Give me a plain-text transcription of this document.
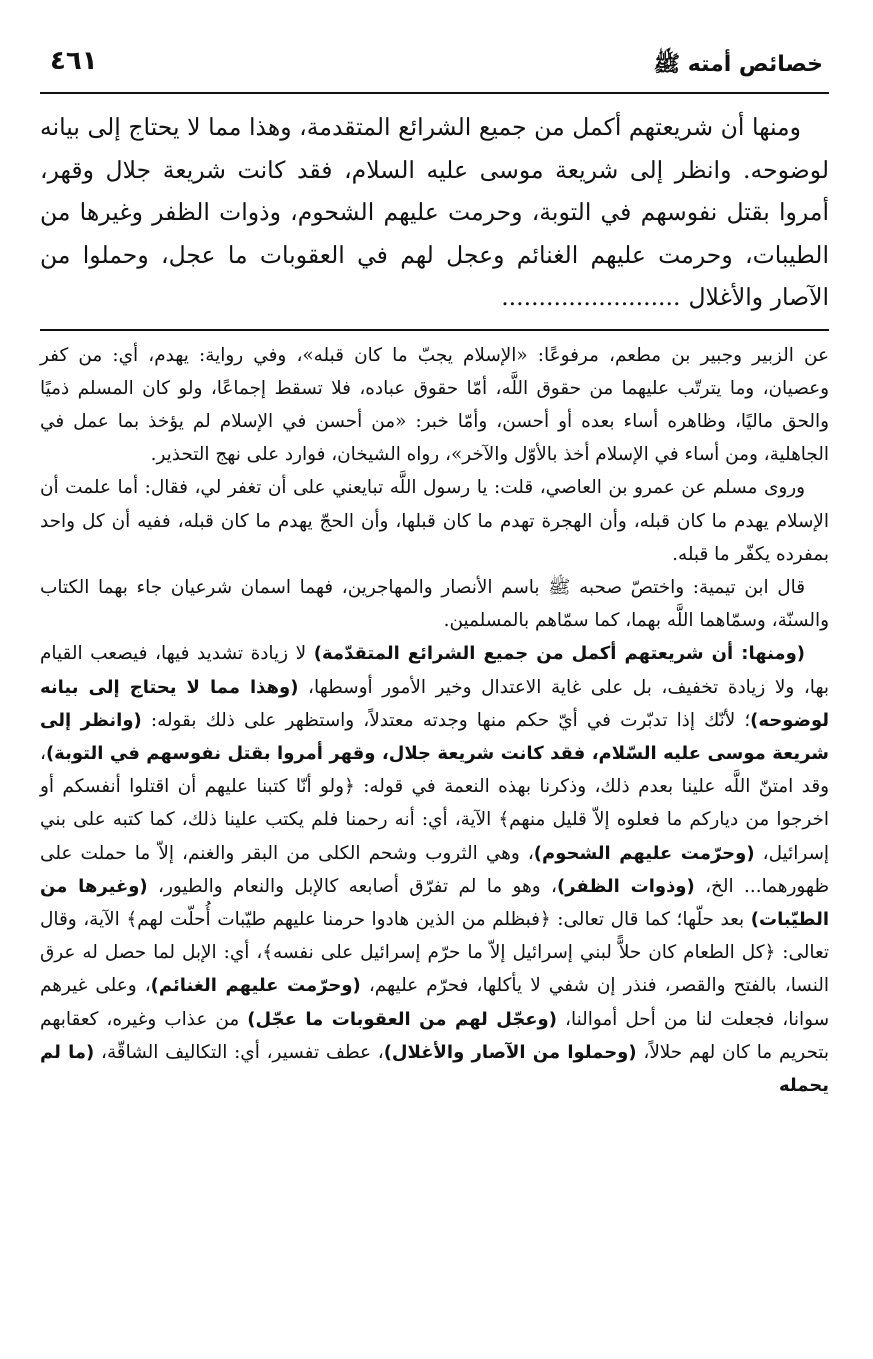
خصائص أمته ﷺ
٤٦١

ومنها أن شريعتهم أكمل من جميع الشرائع المتقدمة، وهذا مما لا يحتاج إلى بيانه لوضوحه. وانظر إلى شريعة موسى عليه السلام، فقد كانت شريعة جلال وقهر، أمروا بقتل نفوسهم في التوبة، وحرمت عليهم الشحوم، وذوات الظفر وغيرها من الطيبات، وحرمت عليهم الغنائم وعجل لهم في العقوبات ما عجل، وحملوا من الآصار والأغلال........................

عن الزبير وجبير بن مطعم، مرفوعًا: «الإسلام يجبّ ما كان قبله»، وفي رواية: يهدم، أي: من كفر وعصيان، وما يترتّب عليهما من حقوق اللَّه، أمّا حقوق عباده، فلا تسقط إجماعًا، ولو كان المسلم ذميًا والحق ماليًا، وظاهره أساء بعده أو أحسن، وأمّا خبر: «من أحسن في الإسلام لم يؤخذ بما عمل في الجاهلية، ومن أساء في الإسلام أخذ بالأوّل والآخر»، رواه الشيخان، فوارد على نهج التحذير.

وروى مسلم عن عمرو بن العاصي، قلت: يا رسول اللَّه تبايعني على أن تغفر لي، فقال: أما علمت أن الإسلام يهدم ما كان قبله، وأن الهجرة تهدم ما كان قبلها، وأن الحجّ يهدم ما كان قبله، ففيه أن كل واحد بمفرده يكفّر ما قبله.

قال ابن تيمية: واختصّ صحبه ﷺ باسم الأنصار والمهاجرين، فهما اسمان شرعيان جاء بهما الكتاب والسنّة، وسمّاهما اللَّه بهما، كما سمّاهم بالمسلمين.

(ومنها: أن شريعتهم أكمل من جميع الشرائع المتقدّمة) لا زيادة تشديد فيها، فيصعب القيام بها، ولا زيادة تخفيف، بل على غاية الاعتدال وخير الأمور أوسطها، (وهذا مما لا يحتاج إلى بيانه لوضوحه)؛ لأنّك إذا تدبّرت في أيّ حكم منها وجدته معتدلاً، واستظهر على ذلك بقوله: (وانظر إلى شريعة موسى عليه السّلام، فقد كانت شريعة جلال، وقهر أمروا بقتل نفوسهم في التوبة)، وقد امتنّ اللَّه علينا بعدم ذلك، وذكرنا بهذه النعمة في قوله: ﴿ولو أنّا كتبنا عليهم أن اقتلوا أنفسكم أو اخرجوا من دياركم ما فعلوه إلاّ قليل منهم﴾ الآية، أي: أنه رحمنا فلم يكتب علينا ذلك، كما كتبه على بني إسرائيل، (وحرّمت عليهم الشحوم)، وهي الثروب وشحم الكلى من البقر والغنم، إلاّ ما حملت على ظهورهما... الخ، (وذوات الظفر)، وهو ما لم تفرّق أصابعه كالإبل والنعام والطيور، (وغيرها من الطيّبات) بعد حلّها؛ كما قال تعالى: ﴿فبظلم من الذين هادوا حرمنا عليهم طيّبات أُحلّت لهم﴾ الآية، وقال تعالى: ﴿كل الطعام كان حلاًّ لبني إسرائيل إلاّ ما حرّم إسرائيل على نفسه﴾، أي: الإبل لما حصل له عرق النسا، بالفتح والقصر، فنذر إن شفي لا يأكلها، فحرّم عليهم، (وحرّمت عليهم الغنائم)، وعلى غيرهم سوانا، فجعلت لنا من أحل أموالنا، (وعجّل لهم من العقوبات ما عجّل) من عذاب وغيره، كعقابهم بتحريم ما كان لهم حلالاً، (وحملوا من الآصار والأغلال)، عطف تفسير، أي: التكاليف الشاقّة، (ما لم يحمله
